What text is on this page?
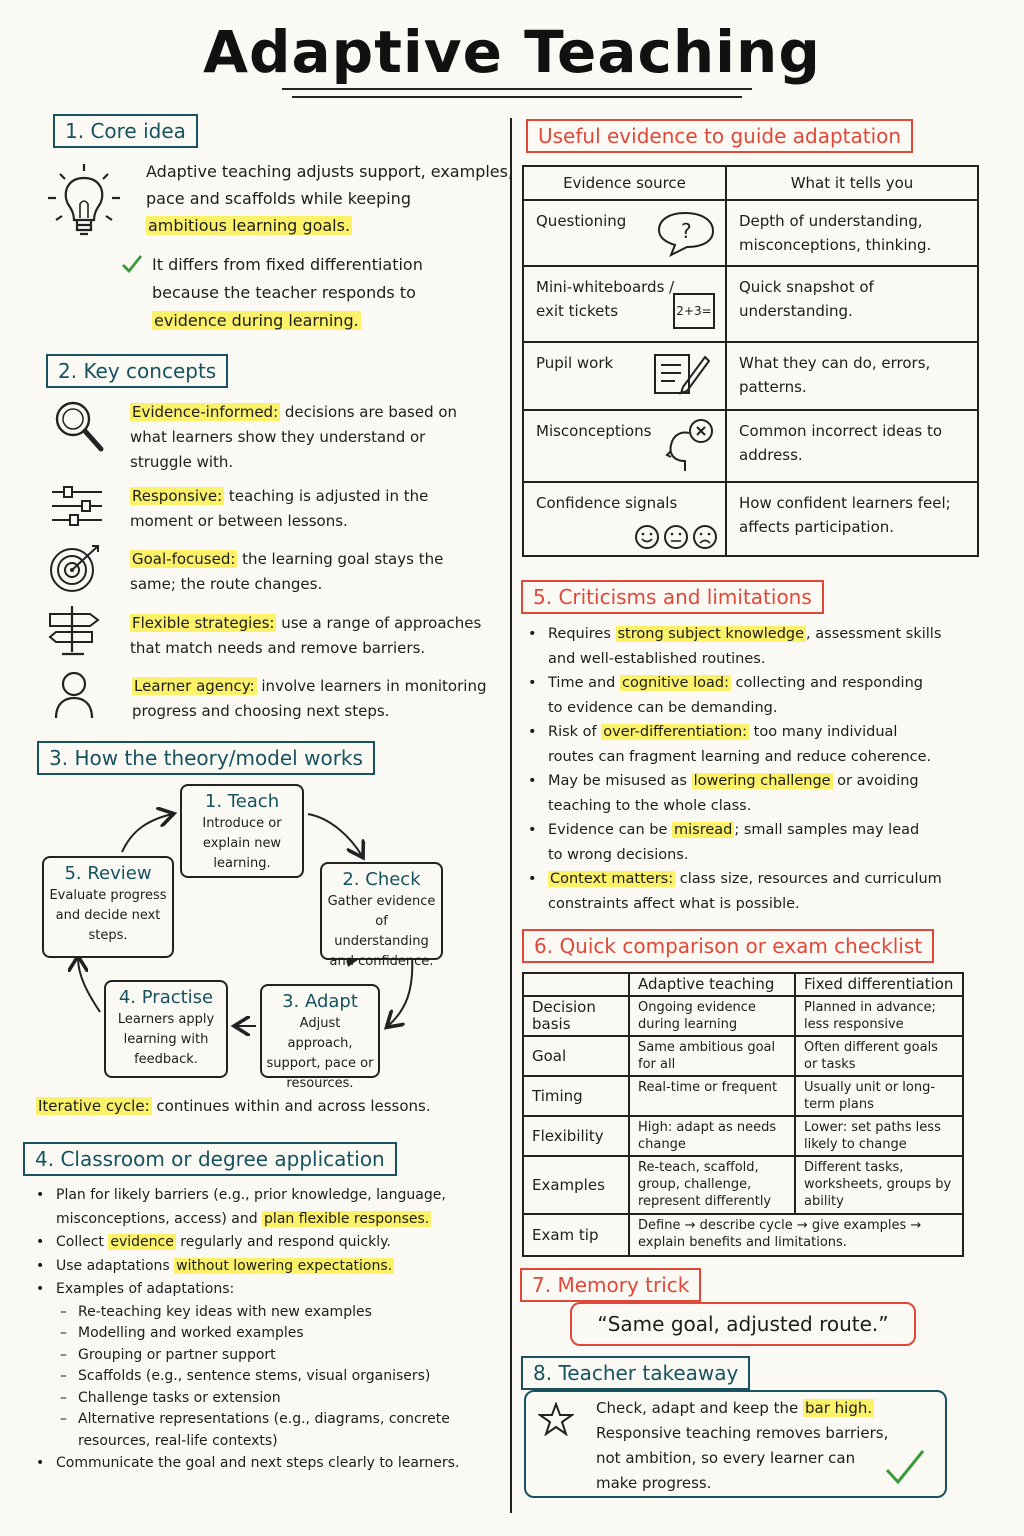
Adaptive Teaching
1. Core idea
Adaptive teaching adjusts support, examples,
pace and scaffolds while keeping
ambitious learning goals.
It differs from fixed differentiation
because the teacher responds to
evidence during learning.
2. Key concepts
Evidence-informed: decisions are based on
what learners show they understand or
struggle with.
Responsive: teaching is adjusted in the
moment or between lessons.
Goal-focused: the learning goal stays the
same; the route changes.
Flexible strategies: use a range of approaches
that match needs and remove barriers.
Learner agency: involve learners in monitoring
progress and choosing next steps.
3. How the theory/model works
1. Teach
Introduce or explain new learning.
2. Check
Gather evidence of understanding and confidence.
3. Adapt
Adjust approach, support, pace or resources.
4. Practise
Learners apply learning with feedback.
5. Review
Evaluate progress and decide next steps.
Iterative cycle: continues within and across lessons.
4. Classroom or degree application
• Plan for likely barriers (e.g., prior knowledge, language,
misconceptions, access) and plan flexible responses.
• Collect evidence regularly and respond quickly.
• Use adaptations without lowering expectations.
• Examples of adaptations:
– Re-teaching key ideas with new examples
– Modelling and worked examples
– Grouping or partner support
– Scaffolds (e.g., sentence stems, visual organisers)
– Challenge tasks or extension
– Alternative representations (e.g., diagrams, concrete resources, real-life contexts)
• Communicate the goal and next steps clearly to learners.
Useful evidence to guide adaptation
Evidence source	What it tells you
Questioning ?	Depth of understanding, misconceptions, thinking.

Mini-whiteboards / exit tickets 2+3=	Quick snapshot of understanding.
Pupil work	What they can do, errors, patterns.
Misconceptions	Common incorrect ideas to address.
Confidence signals	How confident learners feel; affects participation.
5. Criticisms and limitations
• Requires strong subject knowledge , assessment skills
and well-established routines.
• Time and cognitive load: collecting and responding
to evidence can be demanding.
• Risk of over-differentiation: too many individual
routes can fragment learning and reduce coherence.
• May be misused as lowering challenge or avoiding
teaching to the whole class.
• Evidence can be misread ; small samples may lead
to wrong decisions.
• Context matters: class size, resources and curriculum
constraints affect what is possible.
6. Quick comparison or exam checklist
	Adaptive teaching	Fixed differentiation
Decision basis	Ongoing evidence during learning	Planned in advance; less responsive
Goal	Same ambitious goal for all	Often different goals or tasks
Timing	Real-time or frequent	Usually unit or long-term plans
Flexibility	High: adapt as needs change	Lower: set paths less likely to change
Examples	Re-teach, scaffold, group, challenge, represent differently	Different tasks, worksheets, groups by ability
Exam tip	Define → describe cycle → give examples → explain benefits and limitations.	
7. Memory trick
“Same goal, adjusted route.”
8. Teacher takeaway
Check, adapt and keep the bar high.
Responsive teaching removes barriers,
not ambition, so every learner can
make progress.
